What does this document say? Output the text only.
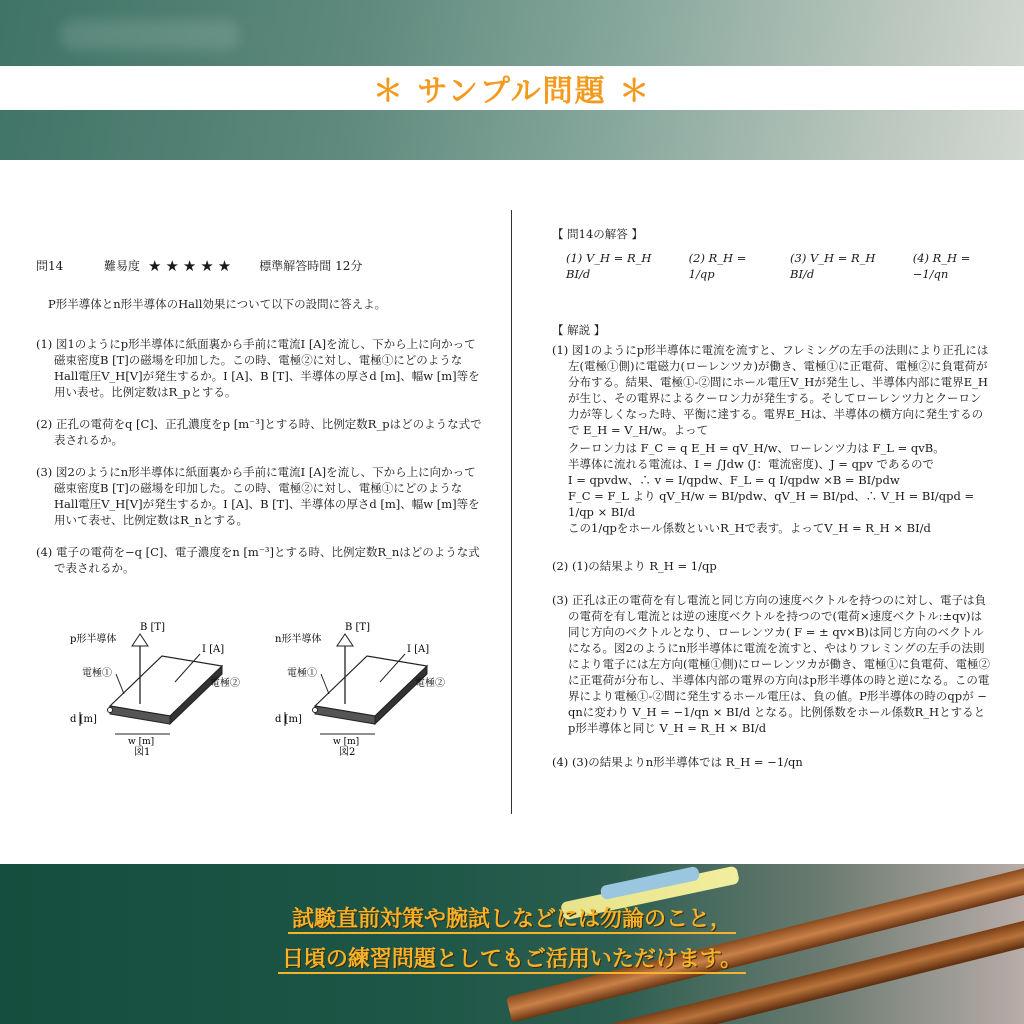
＊ サンプル問題 ＊
問14	難易度 ★★★★★ 標準解答時間 12分
P形半導体とn形半導体のHall効果について以下の設問に答えよ。
(1) 図1のようにp形半導体に紙面裏から手前に電流I [A]を流し、下から上に向かって磁束密度B [T]の磁場を印加した。この時、電極②に対し、電極①にどのようなHall電圧V_H[V]が発生するか。I [A]、B [T]、半導体の厚さd [m]、幅w [m]等を用い表せ。比例定数はR_pとする。
(2) 正孔の電荷をq [C]、正孔濃度をp [m⁻³]とする時、比例定数R_pはどのような式で表されるか。
(3) 図2のようにn形半導体に紙面裏から手前に電流I [A]を流し、下から上に向かって磁束密度B [T]の磁場を印加した。この時、電極②に対し、電極①にどのようなHall電圧V_H[V]が発生するか。I [A]、B [T]、半導体の厚さd [m]、幅w [m]等を用いて表せ、比例定数はR_nとする。
(4) 電子の電荷を−q [C]、電子濃度をn [m⁻³]とする時、比例定数R_nはどのような式で表されるか。
p形半導体
B [T]
I [A]
電極①
電極②
d [m]
w [m]
図1
n形半導体
B [T]
I [A]
電極①
電極②
d [m]
w [m]
図2
【 問14の解答 】
(1) V_H = R_H BI/d
(2) R_H = 1/qp
(3) V_H = R_H BI/d
(4) R_H = −1/qn
【 解説 】
(1) 図1のようにp形半導体に電流を流すと、フレミングの左手の法則により正孔には左(電極①側)に電磁力(ローレンツカ)が働き、電極①に正電荷、電極②に負電荷が分布する。結果、電極①-②間にホール電圧V_Hが発生し、半導体内部に電界E_Hが生じ、その電界によるクーロン力が発生する。そしてローレンツ力とクーロン力が等しくなった時、平衡に達する。電界E_Hは、半導体の横方向に発生するので E_H = V_H/w。よって
クーロン力は F_C = q E_H = qV_H/w、ローレンツ力は F_L = qvB。
半導体に流れる電流は、I = ∫Jdw (J：電流密度)、J = qpv であるので
I = qpvdw、∴ v = I/qpdw、F_L = q I/qpdw ×B = BI/pdw
F_C = F_L より qV_H/w = BI/pdw、qV_H = BI/pd、∴ V_H = BI/qpd = 1/qp × BI/d
この1/qpをホール係数といいR_Hで表す。よってV_H = R_H × BI/d
(2) (1)の結果より R_H = 1/qp
(3) 正孔は正の電荷を有し電流と同じ方向の速度ベクトルを持つのに対し、電子は負の電荷を有し電流とは逆の速度ベクトルを持つので(電荷×速度ベクトル:±qv)は同じ方向のベクトルとなり、ローレンツカ( F = ± qv×B)は同じ方向のベクトルになる。図2のようにn形半導体に電流を流すと、やはりフレミングの左手の法則により電子には左方向(電極①側)にローレンツカが働き、電極①に負電荷、電極②に正電荷が分布し、半導体内部の電界の方向はp形半導体の時と逆になる。この電界により電極①-②間に発生するホール電圧は、負の値。P形半導体の時のqpが − qnに変わり V_H = −1/qn × BI/d となる。比例係数をホール係数R_Hとすると p形半導体と同じ V_H = R_H × BI/d
(4) (3)の結果よりn形半導体では R_H = −1/qn
試験直前対策や腕試しなどには勿論のこと，
日頃の練習問題としてもご活用いただけます。
